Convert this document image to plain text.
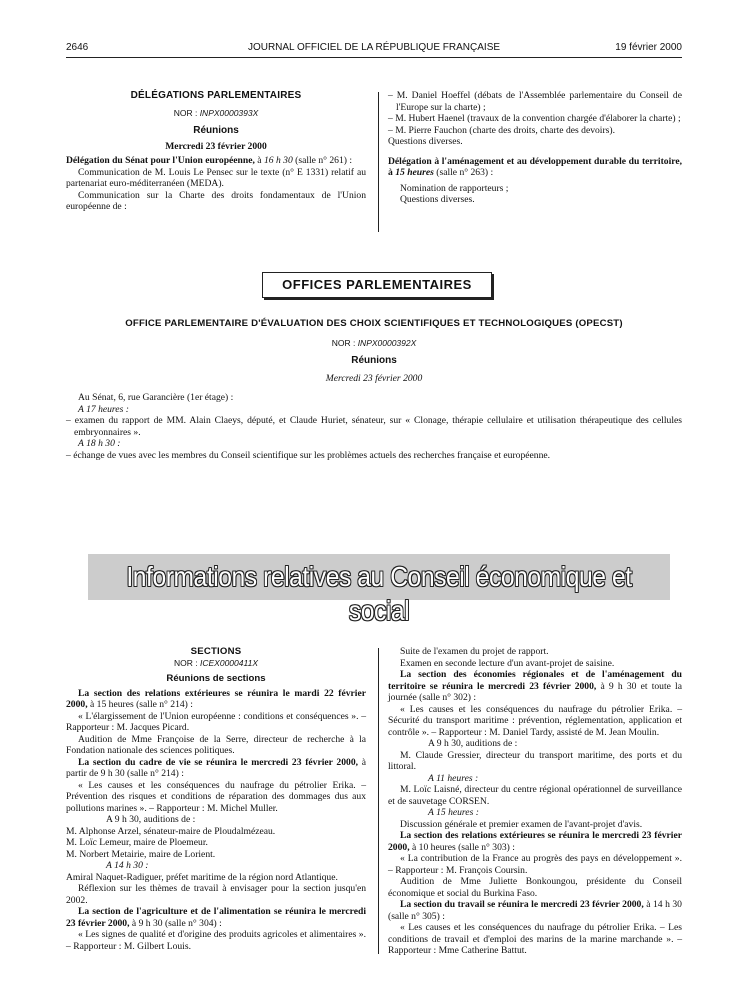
2646	JOURNAL OFFICIEL DE LA RÉPUBLIQUE FRANÇAISE	19 février 2000

DÉLÉGATIONS PARLEMENTAIRES

NOR : INPX0000393X

Réunions

Mercredi 23 février 2000

Délégation du Sénat pour l'Union européenne, à 16 h 30 (salle n° 261) :

Communication de M. Louis Le Pensec sur le texte (n° E 1331) relatif au partenariat euro-méditerranéen (MEDA).

Communication sur la Charte des droits fondamentaux de l'Union européenne de :

– M. Daniel Hoeffel (débats de l'Assemblée parlementaire du Conseil de l'Europe sur la charte) ;

– M. Hubert Haenel (travaux de la convention chargée d'élaborer la charte) ;

– M. Pierre Fauchon (charte des droits, charte des devoirs).

Questions diverses.

Délégation à l'aménagement et au développement durable du territoire, à 15 heures (salle n° 263) :

Nomination de rapporteurs ;

Questions diverses.

OFFICES PARLEMENTAIRES

OFFICE PARLEMENTAIRE D'ÉVALUATION DES CHOIX SCIENTIFIQUES ET TECHNOLOGIQUES (OPECST)

NOR : INPX0000392X

Réunions

Mercredi 23 février 2000

Au Sénat, 6, rue Garancière (1er étage) :

A 17 heures :

– examen du rapport de MM. Alain Claeys, député, et Claude Huriet, sénateur, sur « Clonage, thérapie cellulaire et utilisation thérapeutique des cellules embryonnaires ».

A 18 h 30 :

– échange de vues avec les membres du Conseil scientifique sur les problèmes actuels des recherches française et européenne.

Informations relatives au Conseil économique et social

SECTIONS

NOR : ICEX0000411X

Réunions de sections

La section des relations extérieures se réunira le mardi 22 février 2000, à 15 heures (salle n° 214) :

« L'élargissement de l'Union européenne : conditions et conséquences ». – Rapporteur : M. Jacques Picard.

Audition de Mme Françoise de la Serre, directeur de recherche à la Fondation nationale des sciences politiques.

La section du cadre de vie se réunira le mercredi 23 février 2000, à partir de 9 h 30 (salle n° 214) :

« Les causes et les conséquences du naufrage du pétrolier Erika. – Prévention des risques et conditions de réparation des dommages dus aux pollutions marines ». – Rapporteur : M. Michel Muller.

A 9 h 30, auditions de :

M. Alphonse Arzel, sénateur-maire de Ploudalmézeau.

M. Loïc Lemeur, maire de Ploemeur.

M. Norbert Metairie, maire de Lorient.

A 14 h 30 :

Amiral Naquet-Radiguer, préfet maritime de la région nord Atlantique.

Réflexion sur les thèmes de travail à envisager pour la section jusqu'en 2002.

La section de l'agriculture et de l'alimentation se réunira le mercredi 23 février 2000, à 9 h 30 (salle n° 304) :

« Les signes de qualité et d'origine des produits agricoles et alimentaires ». – Rapporteur : M. Gilbert Louis.

Suite de l'examen du projet de rapport.

Examen en seconde lecture d'un avant-projet de saisine.

La section des économies régionales et de l'aménagement du territoire se réunira le mercredi 23 février 2000, à 9 h 30 et toute la journée (salle n° 302) :

« Les causes et les conséquences du naufrage du pétrolier Erika. – Sécurité du transport maritime : prévention, réglementation, application et contrôle ». – Rapporteur : M. Daniel Tardy, assisté de M. Jean Moulin.

A 9 h 30, auditions de :

M. Claude Gressier, directeur du transport maritime, des ports et du littoral.

A 11 heures :

M. Loïc Laisné, directeur du centre régional opérationnel de surveillance et de sauvetage CORSEN.

A 15 heures :

Discussion générale et premier examen de l'avant-projet d'avis.

La section des relations extérieures se réunira le mercredi 23 février 2000, à 10 heures (salle n° 303) :

« La contribution de la France au progrès des pays en développement ». – Rapporteur : M. François Coursin.

Audition de Mme Juliette Bonkoungou, présidente du Conseil économique et social du Burkina Faso.

La section du travail se réunira le mercredi 23 février 2000, à 14 h 30 (salle n° 305) :

« Les causes et les conséquences du naufrage du pétrolier Erika. – Les conditions de travail et d'emploi des marins de la marine marchande ». – Rapporteur : Mme Catherine Battut.
